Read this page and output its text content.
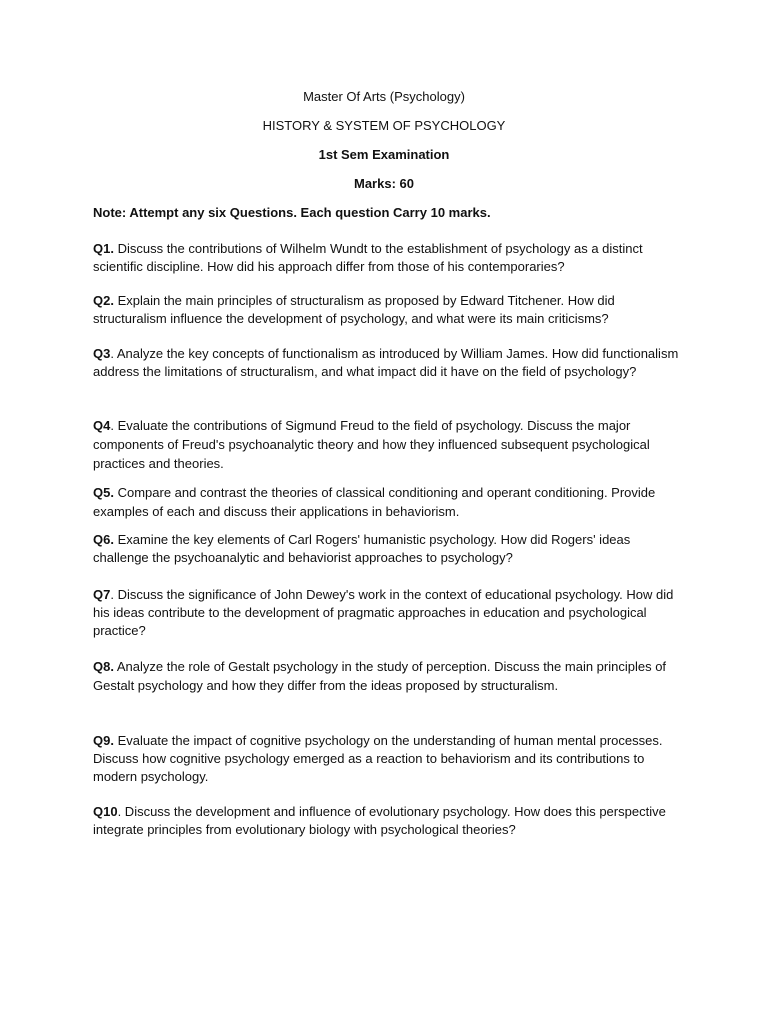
Master Of Arts (Psychology)
HISTORY & SYSTEM OF PSYCHOLOGY
1st Sem Examination
Marks: 60
Note: Attempt any six Questions. Each question Carry 10 marks.
Q1. Discuss the contributions of Wilhelm Wundt to the establishment of psychology as a distinct scientific discipline. How did his approach differ from those of his contemporaries?
Q2. Explain the main principles of structuralism as proposed by Edward Titchener. How did structuralism influence the development of psychology, and what were its main criticisms?
Q3. Analyze the key concepts of functionalism as introduced by William James. How did functionalism address the limitations of structuralism, and what impact did it have on the field of psychology?
Q4. Evaluate the contributions of Sigmund Freud to the field of psychology. Discuss the major components of Freud's psychoanalytic theory and how they influenced subsequent psychological practices and theories.
Q5. Compare and contrast the theories of classical conditioning and operant conditioning. Provide examples of each and discuss their applications in behaviorism.
Q6. Examine the key elements of Carl Rogers' humanistic psychology. How did Rogers' ideas challenge the psychoanalytic and behaviorist approaches to psychology?
Q7. Discuss the significance of John Dewey's work in the context of educational psychology. How did his ideas contribute to the development of pragmatic approaches in education and psychological practice?
Q8. Analyze the role of Gestalt psychology in the study of perception. Discuss the main principles of Gestalt psychology and how they differ from the ideas proposed by structuralism.
Q9. Evaluate the impact of cognitive psychology on the understanding of human mental processes. Discuss how cognitive psychology emerged as a reaction to behaviorism and its contributions to modern psychology.
Q10. Discuss the development and influence of evolutionary psychology. How does this perspective integrate principles from evolutionary biology with psychological theories?
